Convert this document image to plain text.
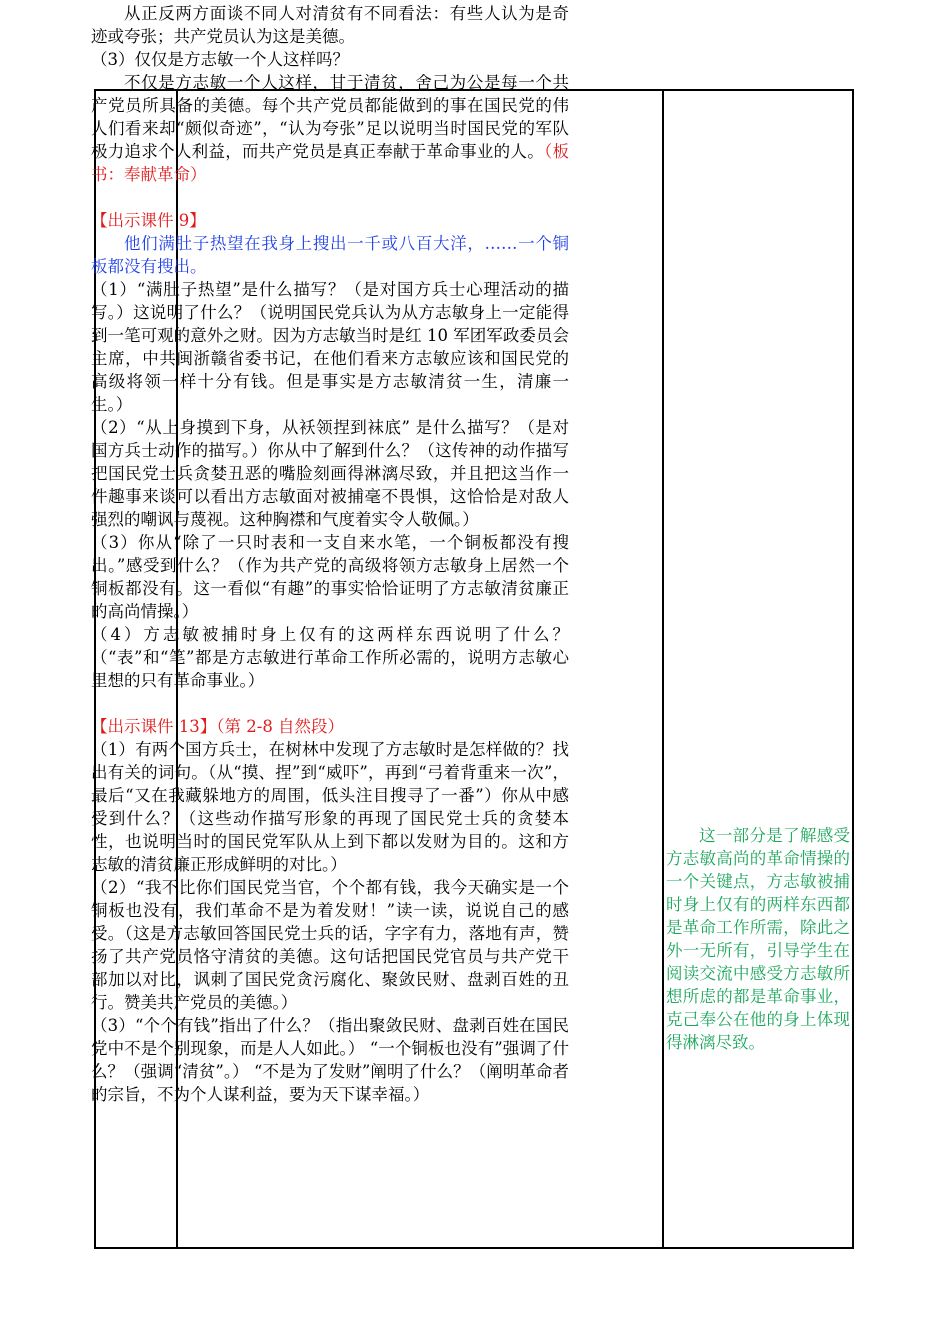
从正反两方面谈不同人对清贫有不同看法：有些人认为是奇迹或夸张；共产党员认为这是美德。

（3）仅仅是方志敏一个人这样吗？

不仅是方志敏一个人这样，甘于清贫，舍己为公是每一个共产党员所具备的美德。每个共产党员都能做到的事在国民党的伟人们看来却“颇似奇迹”，“认为夸张”足以说明当时国民党的军队极力追求个人利益，而共产党员是真正奉献于革命事业的人。（板书：奉献革命）

【出示课件 9】

他们满肚子热望在我身上搜出一千或八百大洋，……一个铜板都没有搜出。

（1）“满肚子热望”是什么描写？（是对国方兵士心理活动的描写。）这说明了什么？（说明国民党兵认为从方志敏身上一定能得到一笔可观的意外之财。因为方志敏当时是红 10 军团军政委员会主席，中共闽浙赣省委书记，在他们看来方志敏应该和国民党的高级将领一样十分有钱。但是事实是方志敏清贫一生，清廉一生。）

（2）“从上身摸到下身，从袄领捏到袜底” 是什么描写？（是对国方兵士动作的描写。）你从中了解到什么？（这传神的动作描写把国民党士兵贪婪丑恶的嘴脸刻画得淋漓尽致，并且把这当作一件趣事来谈可以看出方志敏面对被捕毫不畏惧，这恰恰是对敌人强烈的嘲讽与蔑视。这种胸襟和气度着实令人敬佩。）

（3）你从“除了一只时表和一支自来水笔，一个铜板都没有搜出。”感受到什么？（作为共产党的高级将领方志敏身上居然一个铜板都没有。这一看似“有趣”的事实恰恰证明了方志敏清贫廉正的高尚情操。）

（4）方志敏被捕时身上仅有的这两样东西说明了什么？（“表”和“笔”都是方志敏进行革命工作所必需的，说明方志敏心里想的只有革命事业。）

【出示课件 13】（第 2-8 自然段）

（1）有两个国方兵士，在树林中发现了方志敏时是怎样做的？找出有关的词句。（从“摸、捏”到“威吓”，再到“弓着背重来一次”，最后“又在我藏躲地方的周围，低头注目搜寻了一番”）你从中感受到什么？（这些动作描写形象的再现了国民党士兵的贪婪本性，也说明当时的国民党军队从上到下都以发财为目的。这和方志敏的清贫廉正形成鲜明的对比。）

（2）“我不比你们国民党当官，个个都有钱，我今天确实是一个铜板也没有，我们革命不是为着发财！”读一读，说说自己的感受。（这是方志敏回答国民党士兵的话，字字有力，落地有声，赞扬了共产党员恪守清贫的美德。这句话把国民党官员与共产党干部加以对比，讽刺了国民党贪污腐化、聚敛民财、盘剥百姓的丑行。赞美共产党员的美德。）

（3）“个个有钱”指出了什么？（指出聚敛民财、盘剥百姓在国民党中不是个别现象，而是人人如此。） “一个铜板也没有”强调了什么？（强调“清贫”。） “不是为了发财”阐明了什么？（阐明革命者的宗旨，不为个人谋利益，要为天下谋幸福。）

这一部分是了解感受方志敏高尚的革命情操的一个关键点，方志敏被捕时身上仅有的两样东西都是革命工作所需，除此之外一无所有，引导学生在阅读交流中感受方志敏所想所虑的都是革命事业，克己奉公在他的身上体现得淋漓尽致。
